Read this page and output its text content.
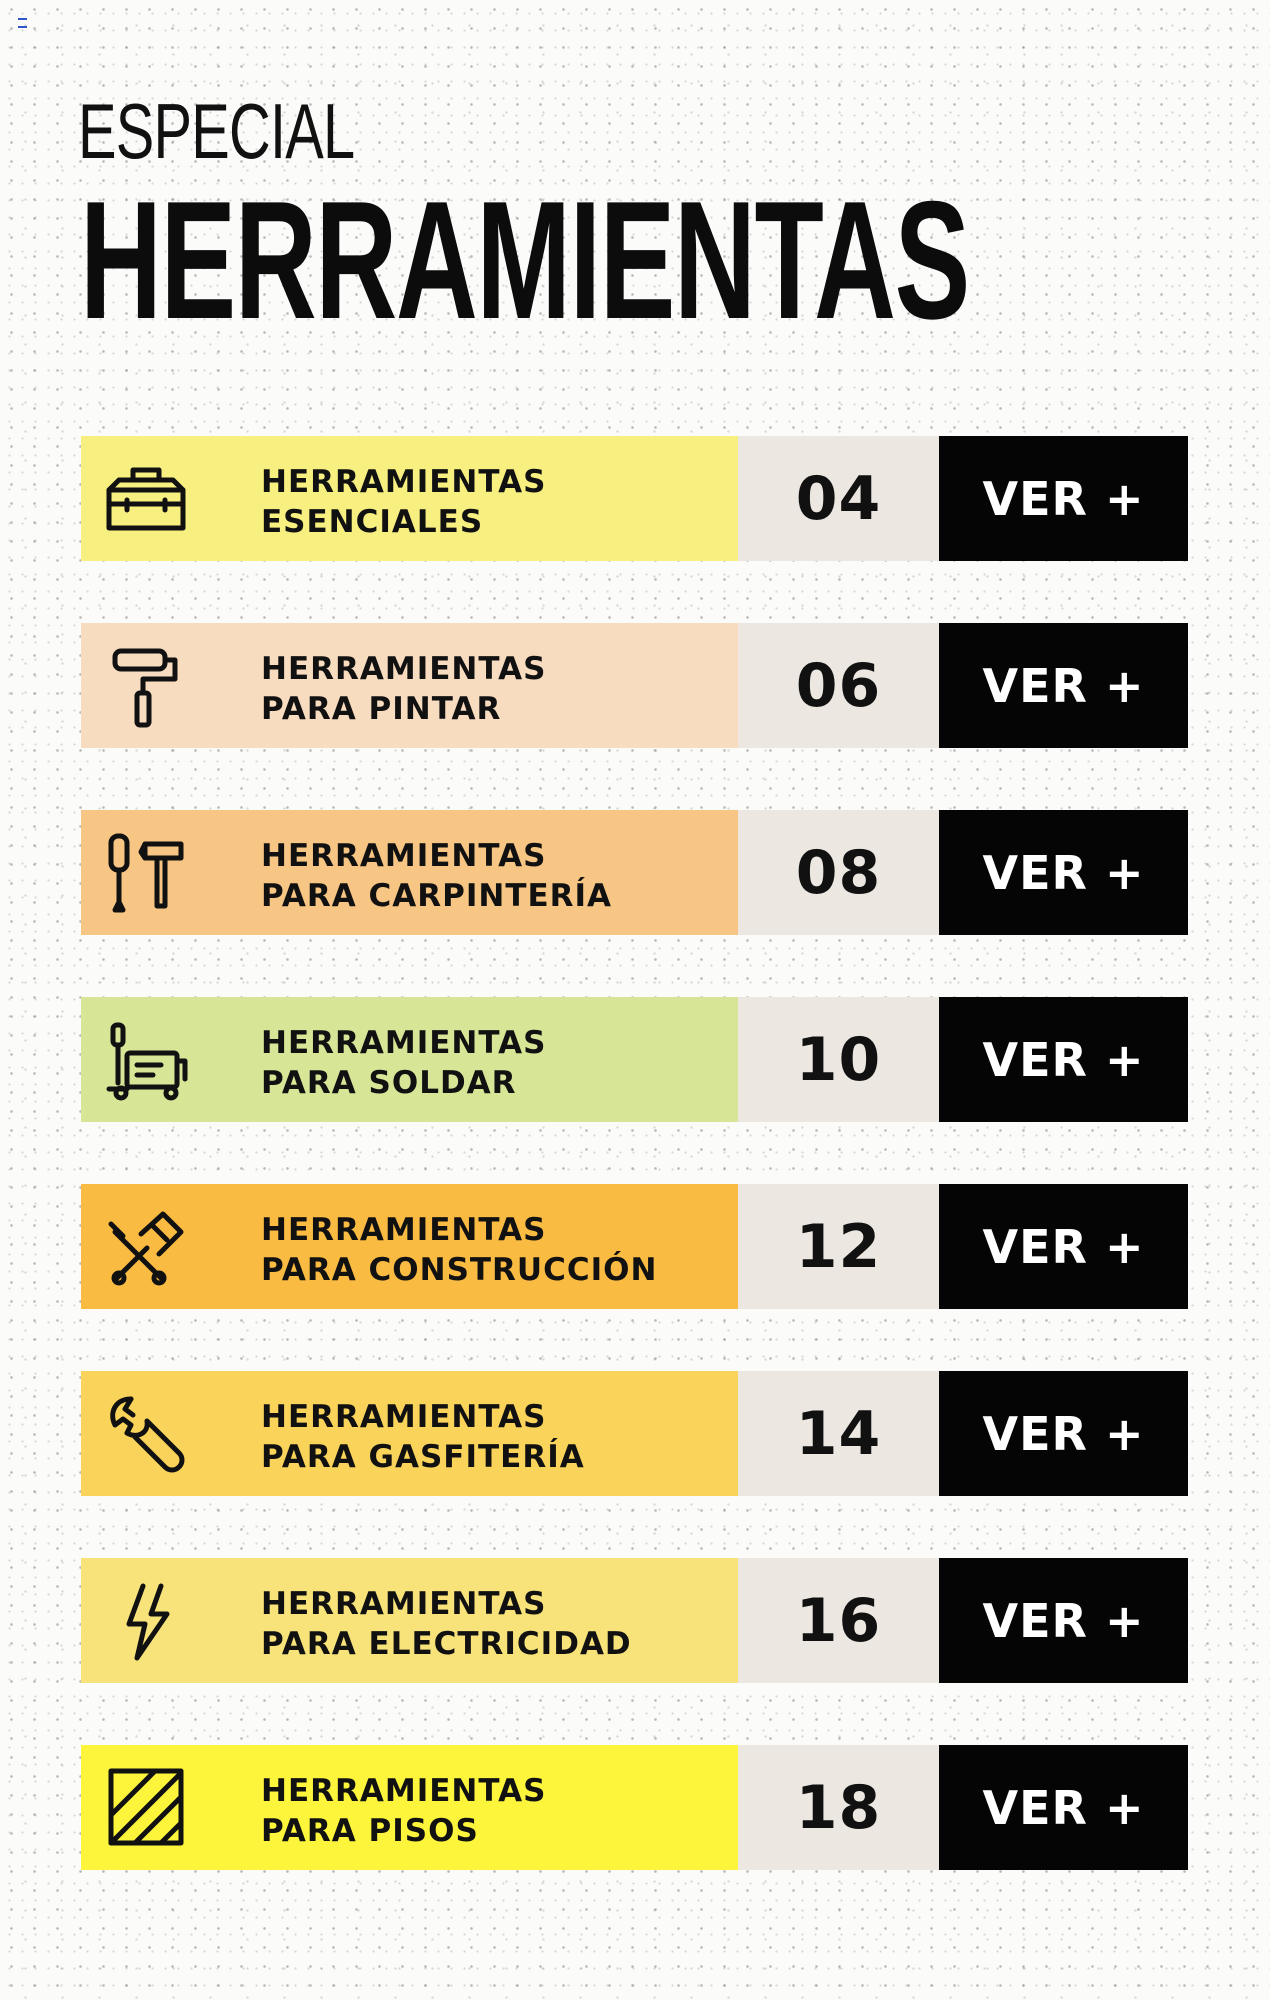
ESPECIAL
HERRAMIENTAS
HERRAMIENTAS
ESENCIALES	04	VER +
HERRAMIENTAS
PARA PINTAR	06	VER +
HERRAMIENTAS
PARA CARPINTERÍA	08	VER +
HERRAMIENTAS
PARA SOLDAR	10	VER +
HERRAMIENTAS
PARA CONSTRUCCIÓN	12	VER +
HERRAMIENTAS
PARA GASFITERÍA	14	VER +
HERRAMIENTAS
PARA ELECTRICIDAD	16	VER +
HERRAMIENTAS
PARA PISOS	18	VER +
